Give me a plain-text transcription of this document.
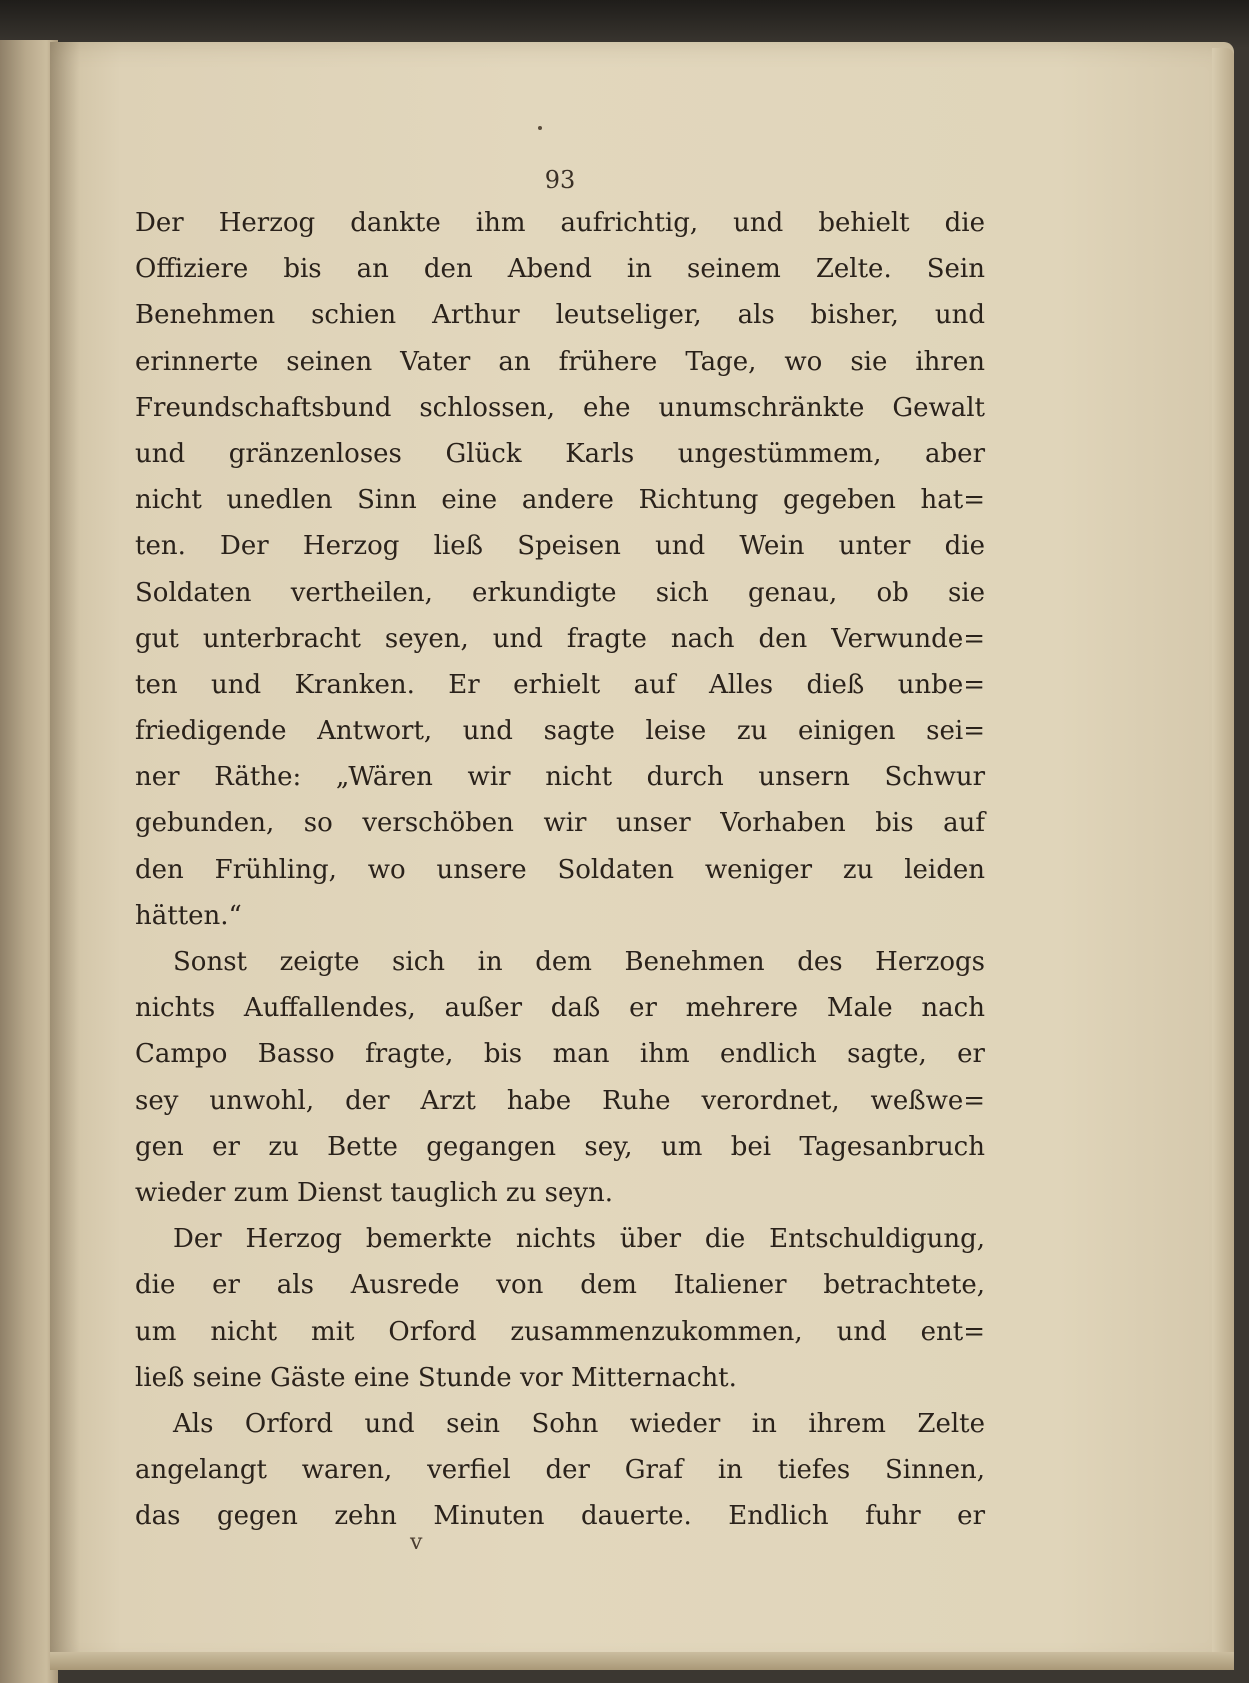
93
Der Herzog dankte ihm aufrichtig, und behielt die
Offiziere bis an den Abend in seinem Zelte. Sein
Benehmen schien Arthur leutseliger, als bisher, und
erinnerte seinen Vater an frühere Tage, wo sie ihren
Freundschaftsbund schlossen, ehe unumschränkte Gewalt
und gränzenloses Glück Karls ungestümmem, aber
nicht unedlen Sinn eine andere Richtung gegeben hat=
ten. Der Herzog ließ Speisen und Wein unter die
Soldaten vertheilen, erkundigte sich genau, ob sie
gut unterbracht seyen, und fragte nach den Verwunde=
ten und Kranken. Er erhielt auf Alles dieß unbe=
friedigende Antwort, und sagte leise zu einigen sei=
ner Räthe: „Wären wir nicht durch unsern Schwur
gebunden, so verschöben wir unser Vorhaben bis auf
den Frühling, wo unsere Soldaten weniger zu leiden
hätten.“
Sonst zeigte sich in dem Benehmen des Herzogs
nichts Auffallendes, außer daß er mehrere Male nach
Campo Basso fragte, bis man ihm endlich sagte, er
sey unwohl, der Arzt habe Ruhe verordnet, weßwe=
gen er zu Bette gegangen sey, um bei Tagesanbruch
wieder zum Dienst tauglich zu seyn.
Der Herzog bemerkte nichts über die Entschuldigung,
die er als Ausrede von dem Italiener betrachtete,
um nicht mit Orford zusammenzukommen, und ent=
ließ seine Gäste eine Stunde vor Mitternacht.
Als Orford und sein Sohn wieder in ihrem Zelte
angelangt waren, verfiel der Graf in tiefes Sinnen,
das gegen zehn Minuten dauerte. Endlich fuhr er
v
